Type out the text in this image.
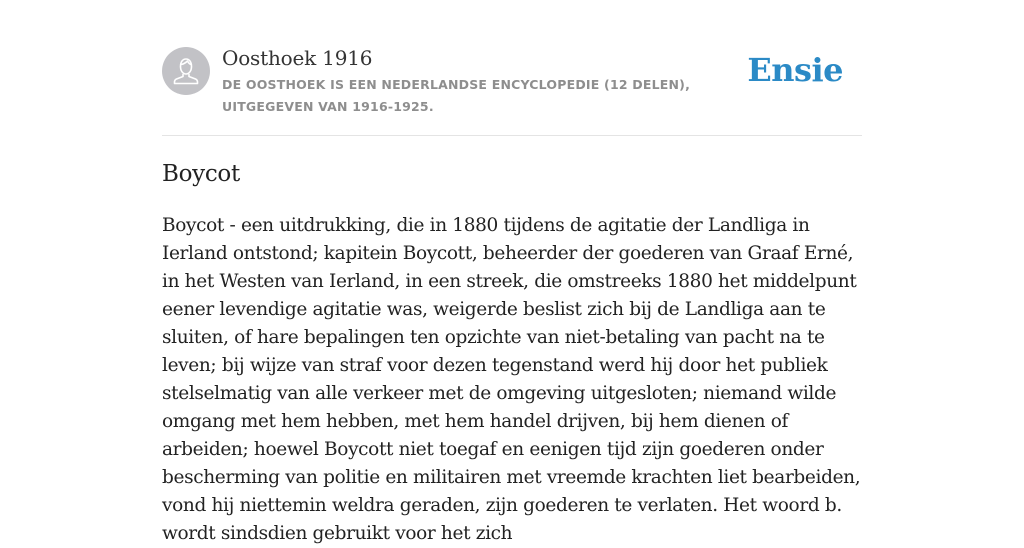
Oosthoek 1916

DE OOSTHOEK IS EEN NEDERLANDSE ENCYCLOPEDIE (12 DELEN), UITGEGEVEN VAN 1916-1925.

Ensie
Boycot

Boycot - een uitdrukking, die in 1880 tijdens de agitatie der Landliga in Ierland ontstond; kapitein Boycott, beheerder der goederen van Graaf Erné, in het Westen van Ierland, in een streek, die omstreeks 1880 het middelpunt eener levendige agitatie was, weigerde beslist zich bij de Landliga aan te sluiten, of hare bepalingen ten opzichte van niet-betaling van pacht na te leven; bij wijze van straf voor dezen tegenstand werd hij door het publiek stelselmatig van alle verkeer met de omgeving uitgesloten; niemand wilde omgang met hem hebben, met hem handel drijven, bij hem dienen of arbeiden; hoewel Boycott niet toegaf en eenigen tijd zijn goederen onder bescherming van politie en militairen met vreemde krachten liet bearbeiden, vond hij niettemin weldra geraden, zijn goederen te verlaten. Het woord b. wordt sindsdien gebruikt voor het zich
